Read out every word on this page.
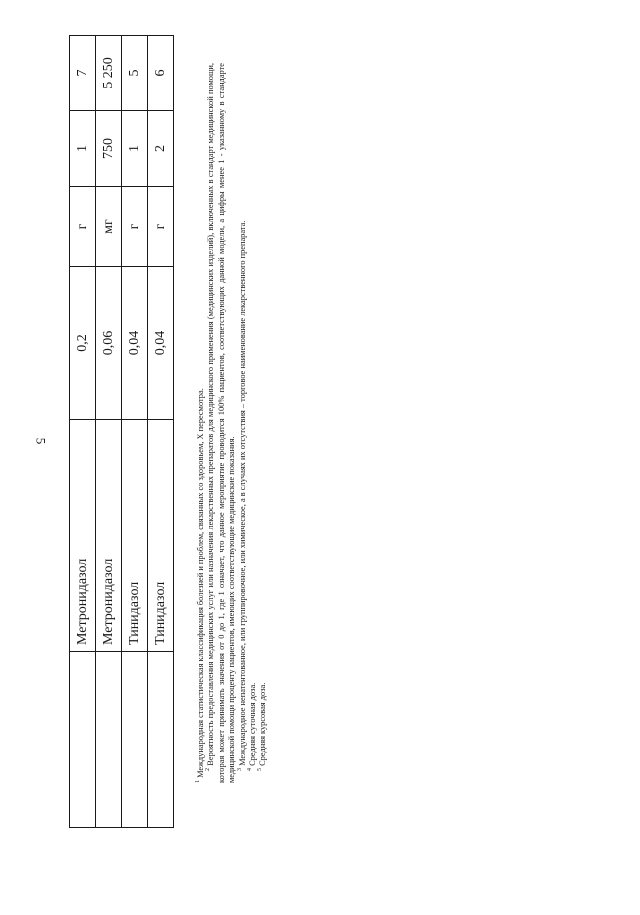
5
	Метронидазол	0,2	г	1	7
	Метронидазол	0,06	мг	750	5 250
	Тинидазол	0,04	г	1	5
	Тинидазол	0,04	г	2	6

$^1$ Международная статистическая классификация болезней и проблем, связанных со здоровьем, X пересмотра. $^2$ Вероятность предоставления медицинских услуг или назначения лекарственных препаратов для медицинского применения (медицинских изделий), включенных в стандарт медицинской помощи, которая может принимать значения от 0 до 1, где 1 означает, что данное мероприятие проводится 100% пациентов, соответствующих данной модели, а цифры менее 1 - указанному в стандарте медицинской помощи проценту пациентов, имеющих соответствующие медицинские показания. $^3$ Международное непатентованное, или группировочное, или химическое, а в случаях их отсутствия – торговое наименование лекарственного препарата.

$^4$ Средняя суточная доза.

$^5$ Средняя курсовая доза.
